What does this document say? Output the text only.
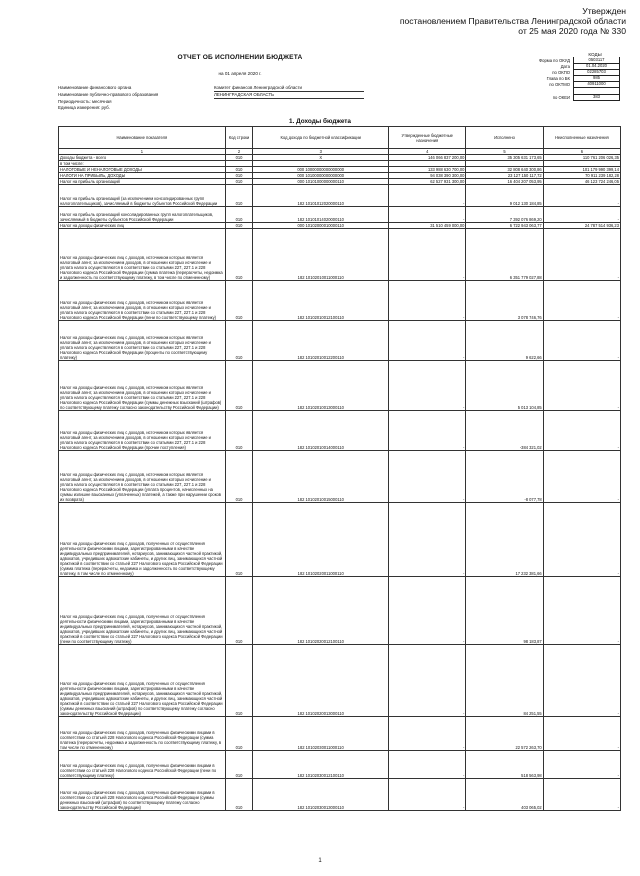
Утвержден
постановлением Правительства Ленинградской области
от 25 мая 2020 года № 330
ОТЧЕТ ОБ ИСПОЛНЕНИИ БЮДЖЕТА
на 01 апреля 2020 г.
Наименование финансового органа	Комитет финансов Ленинградской области
Наименование публично-правового образования	ЛЕНИНГРАДСКАЯ ОБЛАСТЬ
Периодичность: месячная
Единица измерения: руб.
КОДЫ
Форма по ОКУД	0503117
Дата	01.04.2020
по ОКПО	02285703
Глава по БК	985
по ОКТМО	40911000
по ОКЕИ	383
1. Доходы бюджета
Наименование показателя	Код строки	Код дохода по бюджетной классификации	Утвержденные бюджетные назначения	Исполнено	Неисполненные назначения
1	2	3	4	5	6
Доходы бюджета - всего	010	X	146 066 837 200,00	35 305 631 173,65	110 761 206 026,35
в том числе:					
НАЛОГОВЫЕ И НЕНАЛОГОВЫЕ ДОХОДЫ	010	000 10000000000000000	133 988 630 700,00	32 808 640 300,86	101 179 990 399,14
НАЛОГИ НА ПРИБЫЛЬ, ДОХОДЫ	010	000 10100000000000000	94 038 390 300,00	23 127 150 117,72	70 911 239 182,28
Налог на прибыль организаций	010	000 10101000000000110	62 527 931 300,00	16 404 207 053,95	46 123 724 246,05
Налог на прибыль организаций (за исключением консолидированных групп налогоплательщиков), зачисляемый в бюджеты субъектов Российской Федерации	010	182 10101012020000110	-	9 012 130 184,85	-
Налог на прибыль организаций консолидированных групп налогоплательщиков, зачисляемый в бюджеты субъектов Российской Федерации	010	182 10101014020000110	-	7 392 076 869,20	-
Налог на доходы физических лиц	010	000 10102000010000110	31 510 459 000,00	6 722 943 063,77	24 787 514 936,23
Налог на доходы физических лиц с доходов, источником которых является налоговый агент, за исключением доходов, в отношении которых исчисление и уплата налога осуществляются в соответствии со статьями 227, 227.1 и 228 Налогового кодекса Российской Федерации (сумма платежа (перерасчеты, недоимка и задолженность по соответствующему платежу, в том числе по отмененному)	010	182 10102010011000110	-	6 351 779 027,88	-
Налог на доходы физических лиц с доходов, источником которых является налоговый агент, за исключением доходов, в отношении которых исчисление и уплата налога осуществляются в соответствии со статьями 227, 227.1 и 228 Налогового кодекса Российской Федерации (пени по соответствующему платежу)	010	182 10102010012100110	-	3 078 746,76	-
Налог на доходы физических лиц с доходов, источником которых является налоговый агент, за исключением доходов, в отношении которых исчисление и уплата налога осуществляются в соответствии со статьями 227, 227.1 и 228 Налогового кодекса Российской Федерации (проценты по соответствующему платежу)	010	182 10102010012200110	-	9 622,66	-
Налог на доходы физических лиц с доходов, источником которых является налоговый агент, за исключением доходов, в отношении которых исчисление и уплата налога осуществляются в соответствии со статьями 227, 227.1 и 228 Налогового кодекса Российской Федерации (суммы денежных взысканий (штрафов) по соответствующему платежу согласно законодательству Российской Федерации)	010	182 10102010013000110	-	5 013 104,85	-
Налог на доходы физических лиц с доходов, источником которых является налоговый агент, за исключением доходов, в отношении которых исчисление и уплата налога осуществляются в соответствии со статьями 227, 227.1 и 228 Налогового кодекса Российской Федерации (прочие поступления)	010	182 10102010014000110	-	-384 321,02	-
Налог на доходы физических лиц с доходов, источником которых является налоговый агент, за исключением доходов, в отношении которых исчисление и уплата налога осуществляются в соответствии со статьями 227, 227.1 и 228 Налогового кодекса Российской Федерации (уплата процентов, начисленных на суммы излишне взысканных (уплаченных) платежей, а также при нарушении сроков их возврата)	010	182 10102010015000110	-	-8 077,78	-
Налог на доходы физических лиц с доходов, полученных от осуществления деятельности физическими лицами, зарегистрированными в качестве индивидуальных предпринимателей, нотариусов, занимающихся частной практикой, адвокатов, учредивших адвокатские кабинеты, и других лиц, занимающихся частной практикой в соответствии со статьей 227 Налогового кодекса Российской Федерации (сумма платежа (перерасчеты, недоимка и задолженность по соответствующему платежу, в том числе по отмененному)	010	182 10102020011000110	-	17 232 381,66	-
Налог на доходы физических лиц с доходов, полученных от осуществления деятельности физическими лицами, зарегистрированными в качестве индивидуальных предпринимателей, нотариусов, занимающихся частной практикой, адвокатов, учредивших адвокатские кабинеты, и других лиц, занимающихся частной практикой в соответствии со статьей 227 Налогового кодекса Российской Федерации (пени по соответствующему платежу)	010	182 10102020012100110	-	98 183,87	-
Налог на доходы физических лиц с доходов, полученных от осуществления деятельности физическими лицами, зарегистрированными в качестве индивидуальных предпринимателей, нотариусов, занимающихся частной практикой, адвокатов, учредивших адвокатские кабинеты, и других лиц, занимающихся частной практикой в соответствии со статьей 227 Налогового кодекса Российской Федерации (суммы денежных взысканий (штрафов) по соответствующему платежу согласно законодательству Российской Федерации)	010	182 10102020013000110	-	84 251,55	-
Налог на доходы физических лиц с доходов, полученных физическими лицами в соответствии со статьей 228 Налогового кодекса Российской Федерации (сумма платежа (перерасчеты, недоимка и задолженность по соответствующему платежу, в том числе по отмененному)	010	182 10102030011000110	-	22 572 263,70	-
Налог на доходы физических лиц с доходов, полученных физическими лицами в соответствии со статьей 228 Налогового кодекса Российской Федерации (пени по соответствующему платежу)	010	182 10102030012100110	-	518 563,98	-
Налог на доходы физических лиц с доходов, полученных физическими лицами в соответствии со статьей 228 Налогового кодекса Российской Федерации (суммы денежных взысканий (штрафов) по соответствующему платежу согласно законодательству Российской Федерации)	010	182 10102030013000110	-	403 065,02	-
1
